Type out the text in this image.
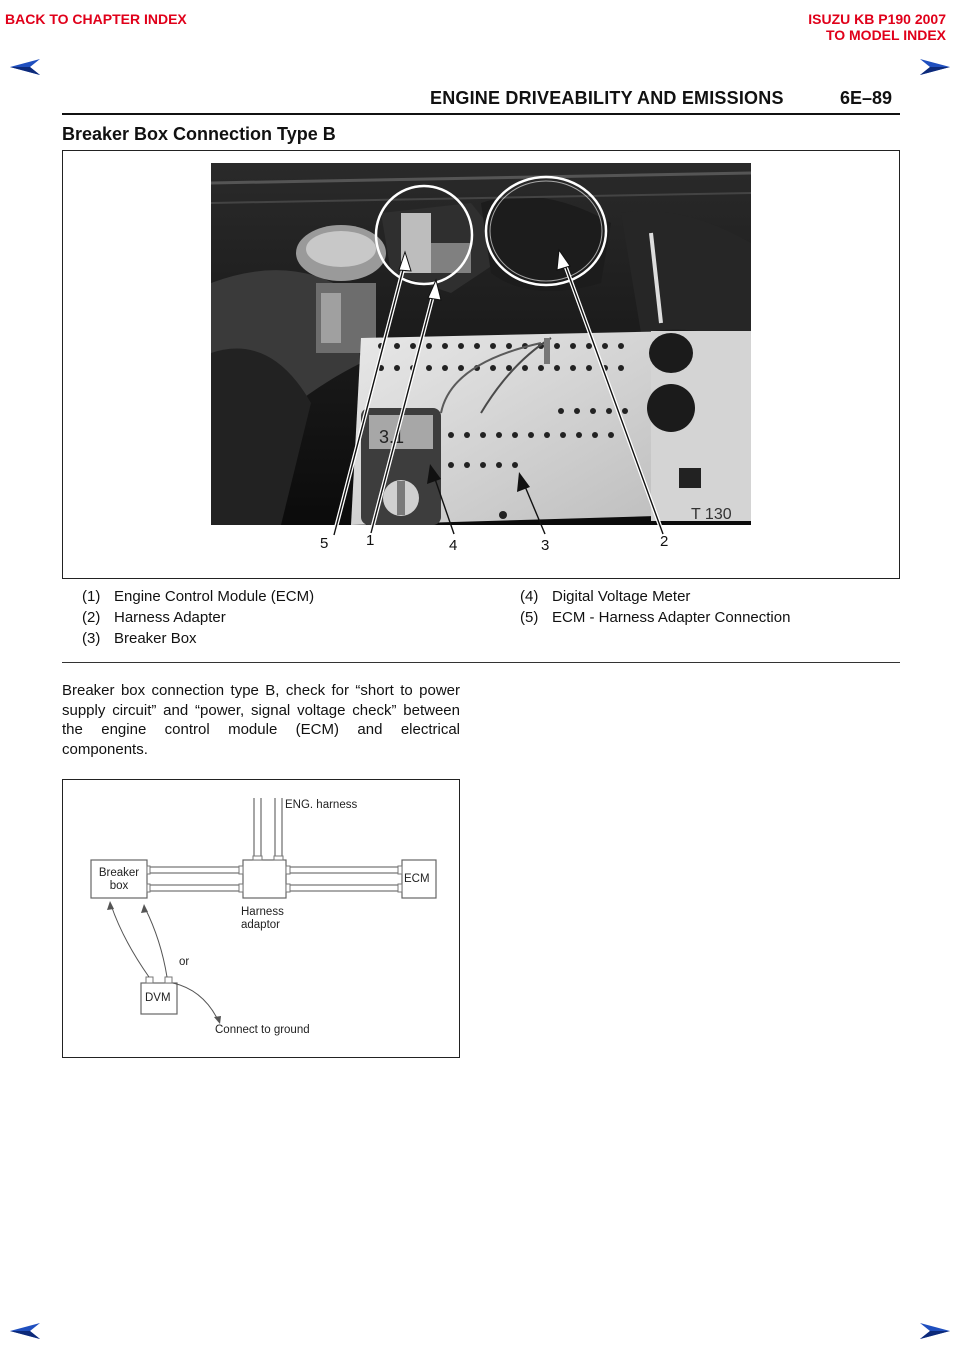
BACK TO CHAPTER INDEX	ISUZU KB P190 2007
TO MODEL INDEX
ENGINE DRIVEABILITY AND EMISSIONS	6E–89
Breaker Box Connection Type B
T 130
3.1
5	1	4	3	2
(1) Engine Control Module (ECM)
(2) Harness Adapter
(3) Breaker Box
(4) Digital Voltage Meter
(5) ECM - Harness Adapter Connection
Breaker box connection type B, check for “short to power supply circuit” and “power, signal voltage check” between the engine control module (ECM) and electrical components.
ENG. harness
Breaker
box
ECM
Harness
adaptor
or
DVM
Connect to ground
